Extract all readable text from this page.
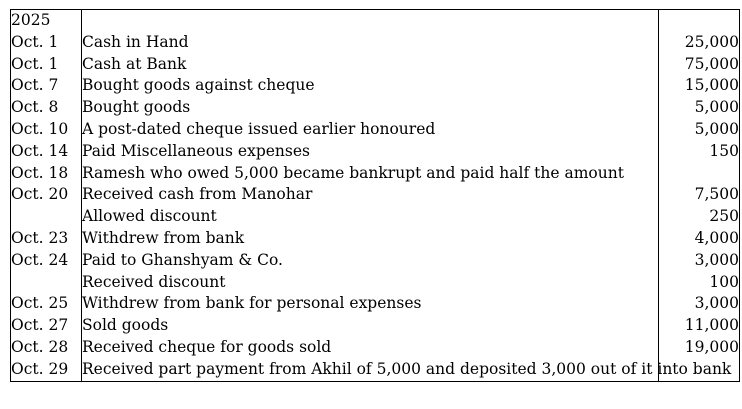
2025		
Oct. 1	Cash in Hand	25,000
Oct. 1	Cash at Bank	75,000
Oct. 7	Bought goods against cheque	15,000
Oct. 8	Bought goods	5,000
Oct. 10	A post-dated cheque issued earlier honoured	5,000
Oct. 14	Paid Miscellaneous expenses	150
Oct. 18	Ramesh who owed 5,000 became bankrupt and paid half the amount	
Oct. 20	Received cash from Manohar	7,500
	Allowed discount	250
Oct. 23	Withdrew from bank	4,000
Oct. 24	Paid to Ghanshyam & Co.	3,000
	Received discount	100
Oct. 25	Withdrew from bank for personal expenses	3,000
Oct. 27	Sold goods	11,000
Oct. 28	Received cheque for goods sold	19,000
Oct. 29	Received part payment from Akhil of 5,000 and deposited 3,000 out of it into bank	
